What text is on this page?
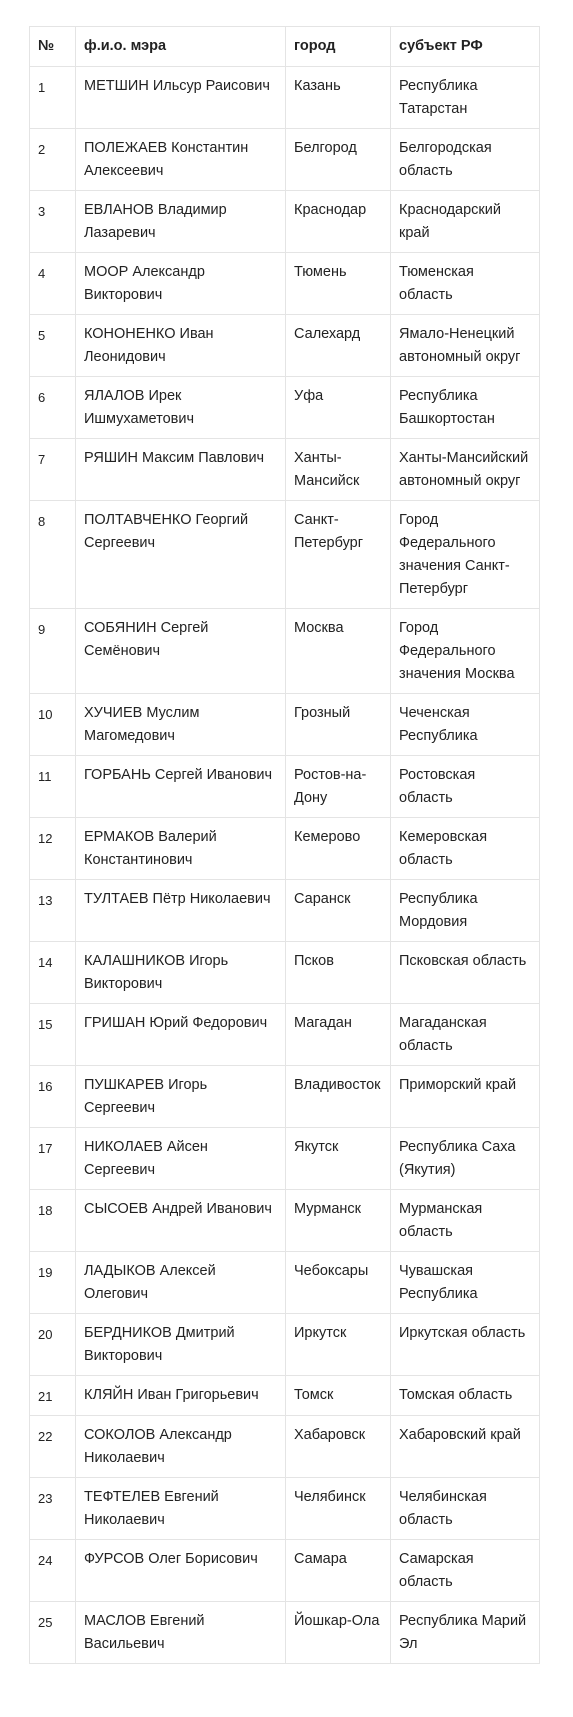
№	ф.и.о. мэра	город	субъект РФ
1	МЕТШИН Ильсур Раисович	Казань	Республика Татарстан
2	ПОЛЕЖАЕВ Константин Алексеевич	Белгород	Белгородская область
3	ЕВЛАНОВ Владимир Лазаревич	Краснодар	Краснодарский край
4	МООР Александр Викторович	Тюмень	Тюменская область
5	КОНОНЕНКО Иван Леонидович	Салехард	Ямало-Ненецкий автономный округ
6	ЯЛАЛОВ Ирек Ишмухаметович	Уфа	Республика Башкортостан
7	РЯШИН Максим Павлович	Ханты-Мансийск	Ханты-Мансийский автономный округ
8	ПОЛТАВЧЕНКО Георгий Сергеевич	Санкт-Петербург	Город Федерального значения Санкт-Петербург
9	СОБЯНИН Сергей Семёнович	Москва	Город Федерального значения Москва
10	ХУЧИЕВ Муслим Магомедович	Грозный	Чеченская Республика
11	ГОРБАНЬ Сергей Иванович	Ростов-на-Дону	Ростовская область
12	ЕРМАКОВ Валерий Константинович	Кемерово	Кемеровская область
13	ТУЛТАЕВ Пётр Николаевич	Саранск	Республика Мордовия
14	КАЛАШНИКОВ Игорь Викторович	Псков	Псковская область
15	ГРИШАН Юрий Федорович	Магадан	Магаданская область
16	ПУШКАРЕВ Игорь Сергеевич	Владивосток	Приморский край
17	НИКОЛАЕВ Айсен Сергеевич	Якутск	Республика Саха (Якутия)
18	СЫСОЕВ Андрей Иванович	Мурманск	Мурманская область
19	ЛАДЫКОВ Алексей Олегович	Чебоксары	Чувашская Республика
20	БЕРДНИКОВ Дмитрий Викторович	Иркутск	Иркутская область
21	КЛЯЙН Иван Григорьевич	Томск	Томская область
22	СОКОЛОВ Александр Николаевич	Хабаровск	Хабаровский край
23	ТЕФТЕЛЕВ Евгений Николаевич	Челябинск	Челябинская область
24	ФУРСОВ Олег Борисович	Самара	Самарская область
25	МАСЛОВ Евгений Васильевич	Йошкар-Ола	Республика Марий Эл
